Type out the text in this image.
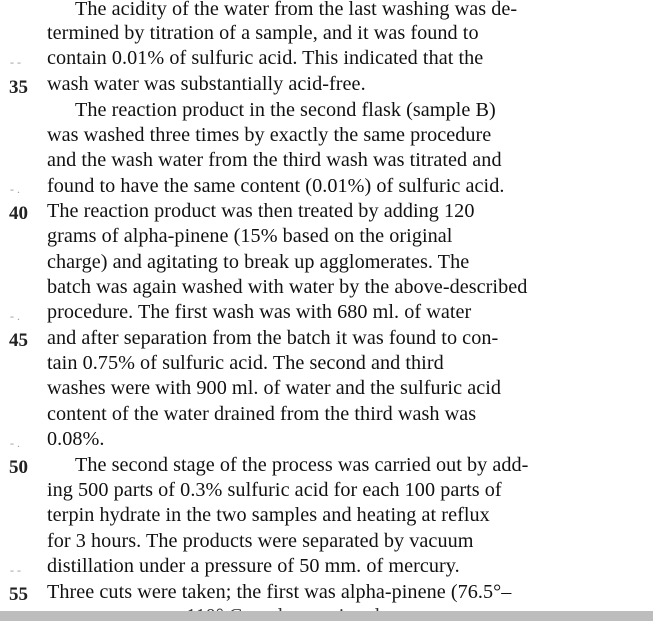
The acidity of the water from the last washing was de-
termined by titration of a sample, and it was found to
- - contain 0.01% of sulfuric acid. This indicated that the
35 wash water was substantially acid-free.
The reaction product in the second flask (sample B)
was washed three times by exactly the same procedure
and the wash water from the third wash was titrated and
- . found to have the same content (0.01%) of sulfuric acid.
40 The reaction product was then treated by adding 120
grams of alpha-pinene (15% based on the original
charge) and agitating to break up agglomerates. The
batch was again washed with water by the above-described
- . procedure. The first wash was with 680 ml. of water
45 and after separation from the batch it was found to con-
tain 0.75% of sulfuric acid. The second and third
washes were with 900 ml. of water and the sulfuric acid
content of the water drained from the third wash was
- . 0.08%.
50 The second stage of the process was carried out by add-
ing 500 parts of 0.3% sulfuric acid for each 100 parts of
terpin hydrate in the two samples and heating at reflux
for 3 hours. The products were separated by vacuum
- - distillation under a pressure of 50 mm. of mercury.
55 Three cuts were taken; the first was alpha-pinene (76.5°–
